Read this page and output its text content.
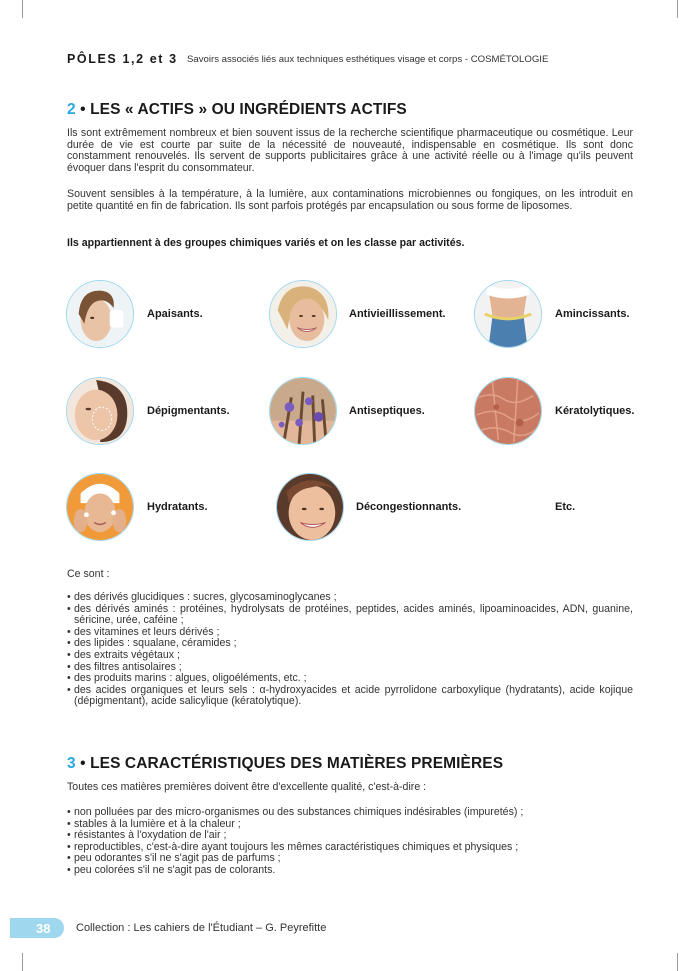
PÔLES 1,2 et 3 Savoirs associés liés aux techniques esthétiques visage et corps - COSMÉTOLOGIE
2 • LES « ACTIFS » OU INGRÉDIENTS ACTIFS
Ils sont extrêmement nombreux et bien souvent issus de la recherche scientifique pharmaceutique ou cosmétique. Leur durée de vie est courte par suite de la nécessité de nouveauté, indispensable en cosmétique. Ils sont donc constamment renouvelés. Ils servent de supports publicitaires grâce à une activité réelle ou à l'image qu'ils peuvent évoquer dans l'esprit du consommateur.
Souvent sensibles à la température, à la lumière, aux contaminations microbiennes ou fongiques, on les introduit en petite quantité en fin de fabrication. Ils sont parfois protégés par encapsulation ou sous forme de liposomes.
Ils appartiennent à des groupes chimiques variés et on les classe par activités.
Apaisants.	Antivieillissement.	Amincissants.
Dépigmentants.	Antiseptiques.	Kératolytiques.
Hydratants.	Décongestionnants.	Etc.
Ce sont :
• des dérivés glucidiques : sucres, glycosaminoglycanes ;
• des dérivés aminés : protéines, hydrolysats de protéines, peptides, acides aminés, lipoaminoacides, ADN, guanine, séricine, urée, caféine ;
• des vitamines et leurs dérivés ;
• des lipides : squalane, céramides ;
• des extraits végétaux ;
• des filtres antisolaires ;
• des produits marins : algues, oligoéléments, etc. ;
• des acides organiques et leurs sels : α-hydroxyacides et acide pyrrolidone carboxylique (hydratants), acide kojique (dépigmentant), acide salicylique (kératolytique).
3 • LES CARACTÉRISTIQUES DES MATIÈRES PREMIÈRES
Toutes ces matières premières doivent être d'excellente qualité, c'est-à-dire :
• non polluées par des micro-organismes ou des substances chimiques indésirables (impuretés) ;
• stables à la lumière et à la chaleur ;
• résistantes à l'oxydation de l'air ;
• reproductibles, c'est-à-dire ayant toujours les mêmes caractéristiques chimiques et physiques ;
• peu odorantes s'il ne s'agit pas de parfums ;
• peu colorées s'il ne s'agit pas de colorants.
38 Collection : Les cahiers de l'Étudiant – G. Peyrefitte
